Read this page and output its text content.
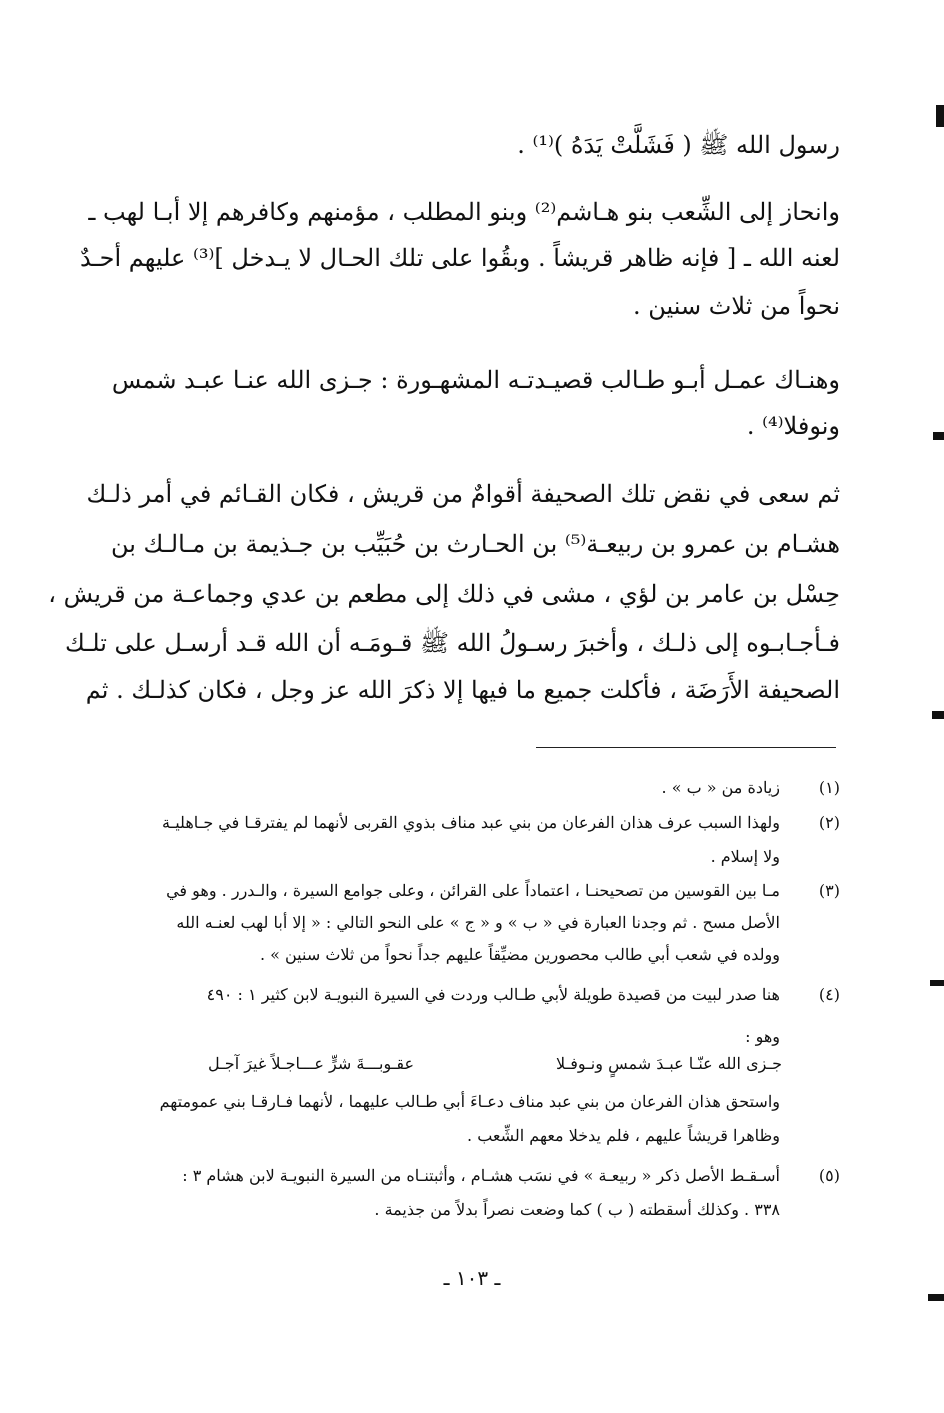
رسول الله ﷺ ( فَشَلَّتْ يَدَهُ )⁽¹⁾ .
وانحاز إلى الشِّعب بنو هـاشم⁽²⁾ وبنو المطلب ، مؤمنهم وكافرهم إلا أبـا لهب ـ
لعنه الله ـ [ فإنه ظاهر قريشاً . وبقُوا على تلك الحـال لا يـدخل ]⁽³⁾ عليهم أحـدٌ
نحواً من ثلاث سنين .
وهنـاك عمـل أبـو طـالب قصيـدتـه المشهـورة : جـزى الله عنـا عبـد شمس
ونوفلا⁽⁴⁾ .
ثم سعى في نقض تلك الصحيفة أقوامٌ من قريش ، فكان القـائم في أمر ذلـك
هشـام بن عمرو بن ربيعـة⁽⁵⁾ بن الحـارث بن حُبَيِّب بن جـذيمة بن مـالـك بن
حِسْل بن عامر بن لؤي ، مشى في ذلك إلى مطعم بن عدي وجماعـة من قريش ،
فـأجـابـوه إلى ذلـك ، وأخبرَ رسـولُ الله ﷺ قـومَـه أن الله قـد أرسـل على تلـك
الصحيفة الأَرَضَة ، فأكلت جميع ما فيها إلا ذكرَ الله عز وجل ، فكان كذلـك . ثم
(١)
زيادة من « ب » .
(٢)
ولهذا السبب عرف هذان الفرعان من بني عبد مناف بذوي القربى لأنهما لم يفترقـا في جـاهليـة
ولا إسلام .
(٣)
مـا بين القوسين من تصحيحنـا ، اعتماداً على القرائن ، وعلى جوامع السيرة ، والـدرر . وهو في
الأصل مسح . ثم وجدنا العبارة في « ب » و « ج » على النحو التالي : « إلا أبا لهب لعنـه الله
وولده في شعب أبي طالب محصورين مضيِّقاً عليهم جداً نحواً من ثلاث سنين » .
(٤)
هنا صدر لبيت من قصيدة طويلة لأبي طـالب وردت في السيرة النبويـة لابن كثير ١ : ٤٩٠
وهو :
جـزى الله عنّـا عبـدَ شمسٍ ونـوفـلا
عقـوبـــةَ شرٍّ عـــاجـلاً غيرَ آجـل
واستحق هذان الفرعان من بني عبد مناف دعـاءَ أبي طـالب عليهما ، لأنهما فـارقـا بني عمومتهم
وظاهرا قريشاً عليهم ، فلم يدخلا معهم الشِّعب .
(٥)
أسـقـط الأصل ذكر « ربيعـة » في نسَب هشـام ، وأثبتنـاه من السيرة النبويـة لابن هشام ٣ :
٣٣٨ . وكذلك أسقطته ( ب ) كما وضعت نصراً بدلاً من جذيمة .
ـ ١٠٣ ـ
